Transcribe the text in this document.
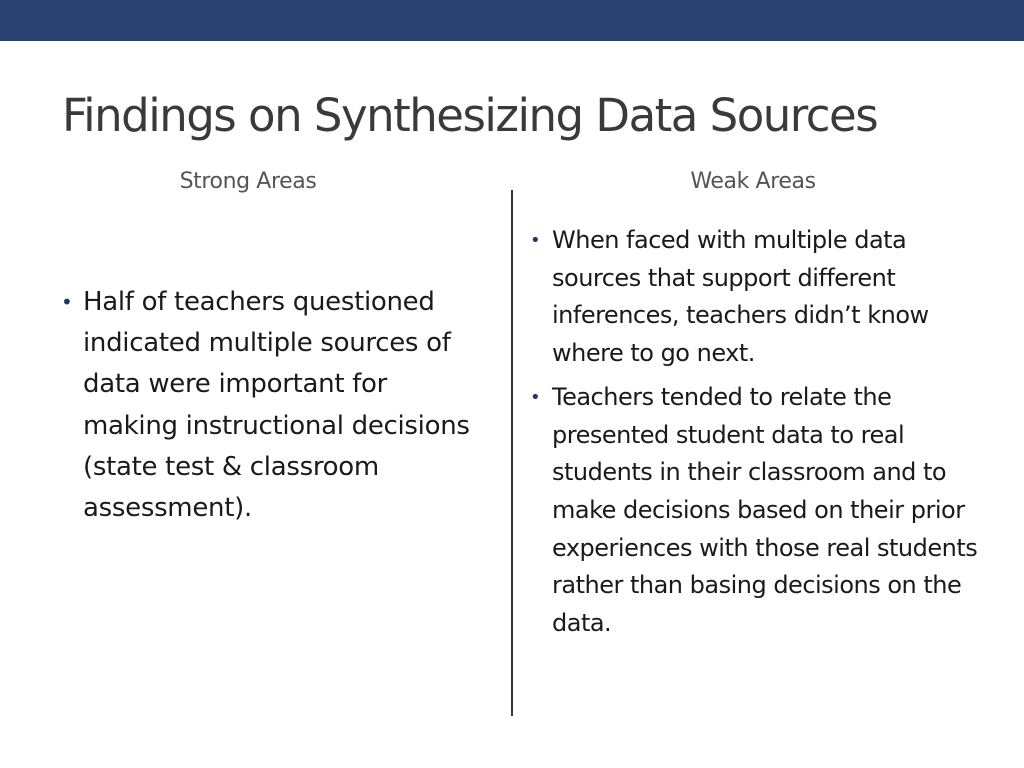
Findings on Synthesizing Data Sources
Strong Areas	Weak Areas
• Half of teachers questioned indicated multiple sources of data were important for making instructional decisions (state test & classroom assessment).
• When faced with multiple data sources that support different inferences, teachers didn’t know where to go next.
• Teachers tended to relate the presented student data to real students in their classroom and to make decisions based on their prior experiences with those real students rather than basing decisions on the data.
